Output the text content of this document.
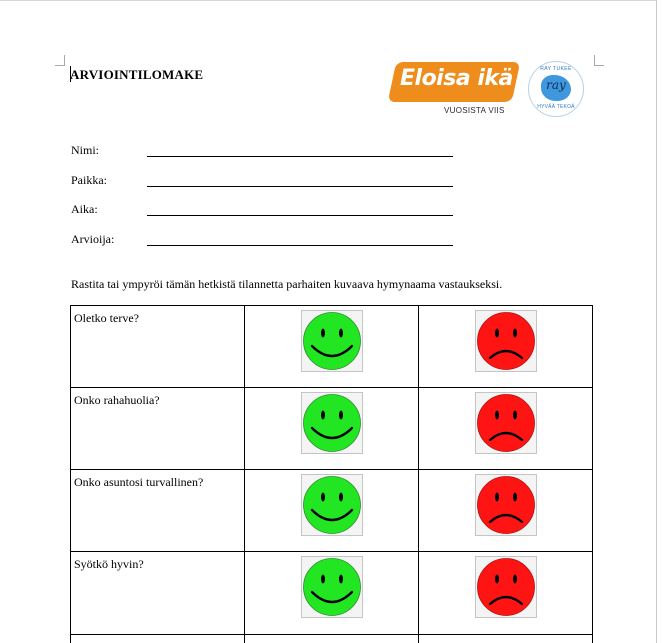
ARVIOINTILOMAKE	Eloisa ikä
VUOSISTA VIIS
RAY TUKEE
ray
HYVÄÄ TEKOÄ
Nimi:
Paikka:
Aika:
Arvioija:
Rastita tai ympyröi tämän hetkistä tilannetta parhaiten kuvaava hymynaama vastaukseksi.
Oletko terve?
Onko rahahuolia?
Onko asuntosi turvallinen?
Syötkö hyvin?
